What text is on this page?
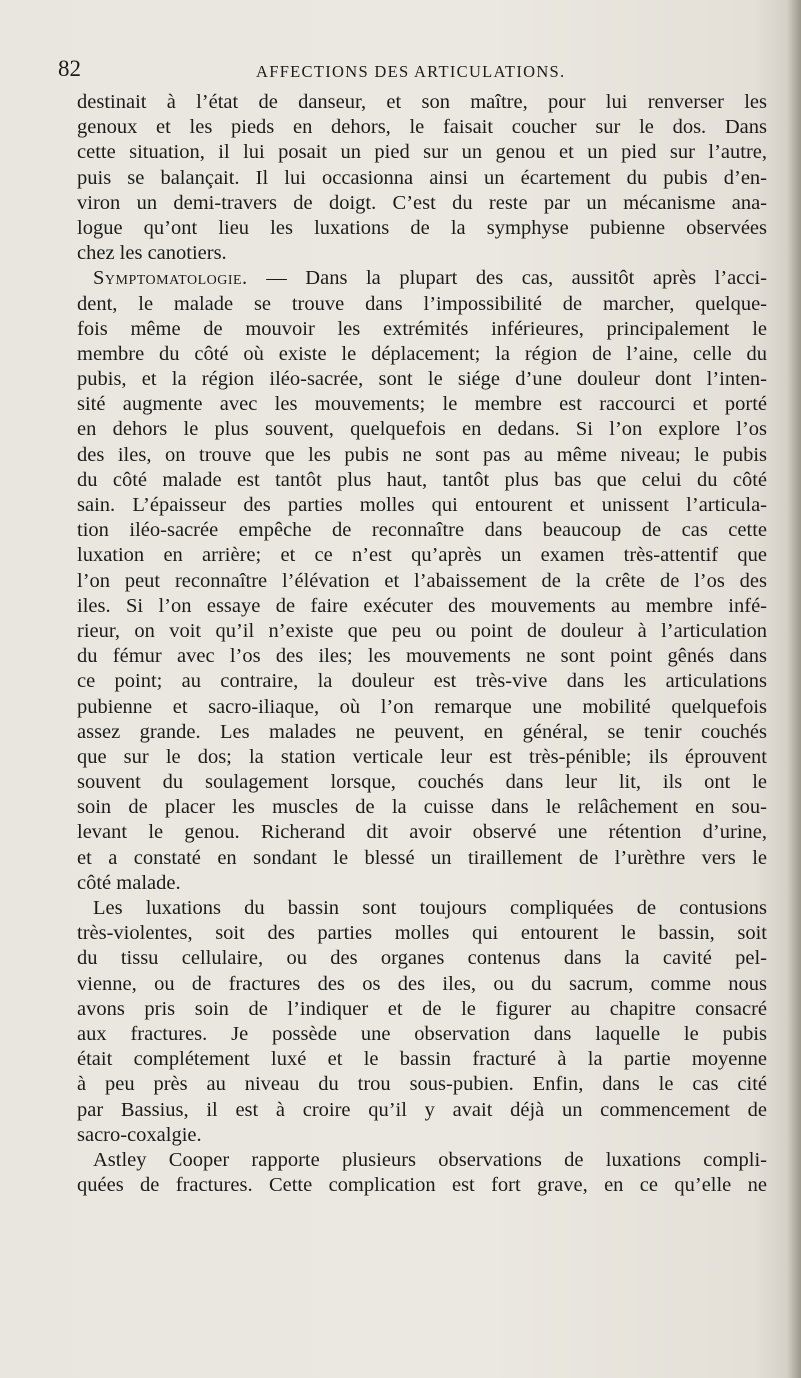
82	AFFECTIONS DES ARTICULATIONS.
destinait à l’état de danseur, et son maître, pour lui renverser les
genoux et les pieds en dehors, le faisait coucher sur le dos. Dans
cette situation, il lui posait un pied sur un genou et un pied sur l’autre,
puis se balançait. Il lui occasionna ainsi un écartement du pubis d’en-
viron un demi-travers de doigt. C’est du reste par un mécanisme ana-
logue qu’ont lieu les luxations de la symphyse pubienne observées
chez les canotiers.
Symptomatologie. — Dans la plupart des cas, aussitôt après l’acci-
dent, le malade se trouve dans l’impossibilité de marcher, quelque-
fois même de mouvoir les extrémités inférieures, principalement le
membre du côté où existe le déplacement; la région de l’aine, celle du
pubis, et la région iléo-sacrée, sont le siége d’une douleur dont l’inten-
sité augmente avec les mouvements; le membre est raccourci et porté
en dehors le plus souvent, quelquefois en dedans. Si l’on explore l’os
des iles, on trouve que les pubis ne sont pas au même niveau; le pubis
du côté malade est tantôt plus haut, tantôt plus bas que celui du côté
sain. L’épaisseur des parties molles qui entourent et unissent l’articula-
tion iléo-sacrée empêche de reconnaître dans beaucoup de cas cette
luxation en arrière; et ce n’est qu’après un examen très-attentif que
l’on peut reconnaître l’élévation et l’abaissement de la crête de l’os des
iles. Si l’on essaye de faire exécuter des mouvements au membre infé-
rieur, on voit qu’il n’existe que peu ou point de douleur à l’articulation
du fémur avec l’os des iles; les mouvements ne sont point gênés dans
ce point; au contraire, la douleur est très-vive dans les articulations
pubienne et sacro-iliaque, où l’on remarque une mobilité quelquefois
assez grande. Les malades ne peuvent, en général, se tenir couchés
que sur le dos; la station verticale leur est très-pénible; ils éprouvent
souvent du soulagement lorsque, couchés dans leur lit, ils ont le
soin de placer les muscles de la cuisse dans le relâchement en sou-
levant le genou. Richerand dit avoir observé une rétention d’urine,
et a constaté en sondant le blessé un tiraillement de l’urèthre vers le
côté malade.
Les luxations du bassin sont toujours compliquées de contusions
très-violentes, soit des parties molles qui entourent le bassin, soit
du tissu cellulaire, ou des organes contenus dans la cavité pel-
vienne, ou de fractures des os des iles, ou du sacrum, comme nous
avons pris soin de l’indiquer et de le figurer au chapitre consacré
aux fractures. Je possède une observation dans laquelle le pubis
était complétement luxé et le bassin fracturé à la partie moyenne
à peu près au niveau du trou sous-pubien. Enfin, dans le cas cité
par Bassius, il est à croire qu’il y avait déjà un commencement de
sacro-coxalgie.
Astley Cooper rapporte plusieurs observations de luxations compli-
quées de fractures. Cette complication est fort grave, en ce qu’elle ne
